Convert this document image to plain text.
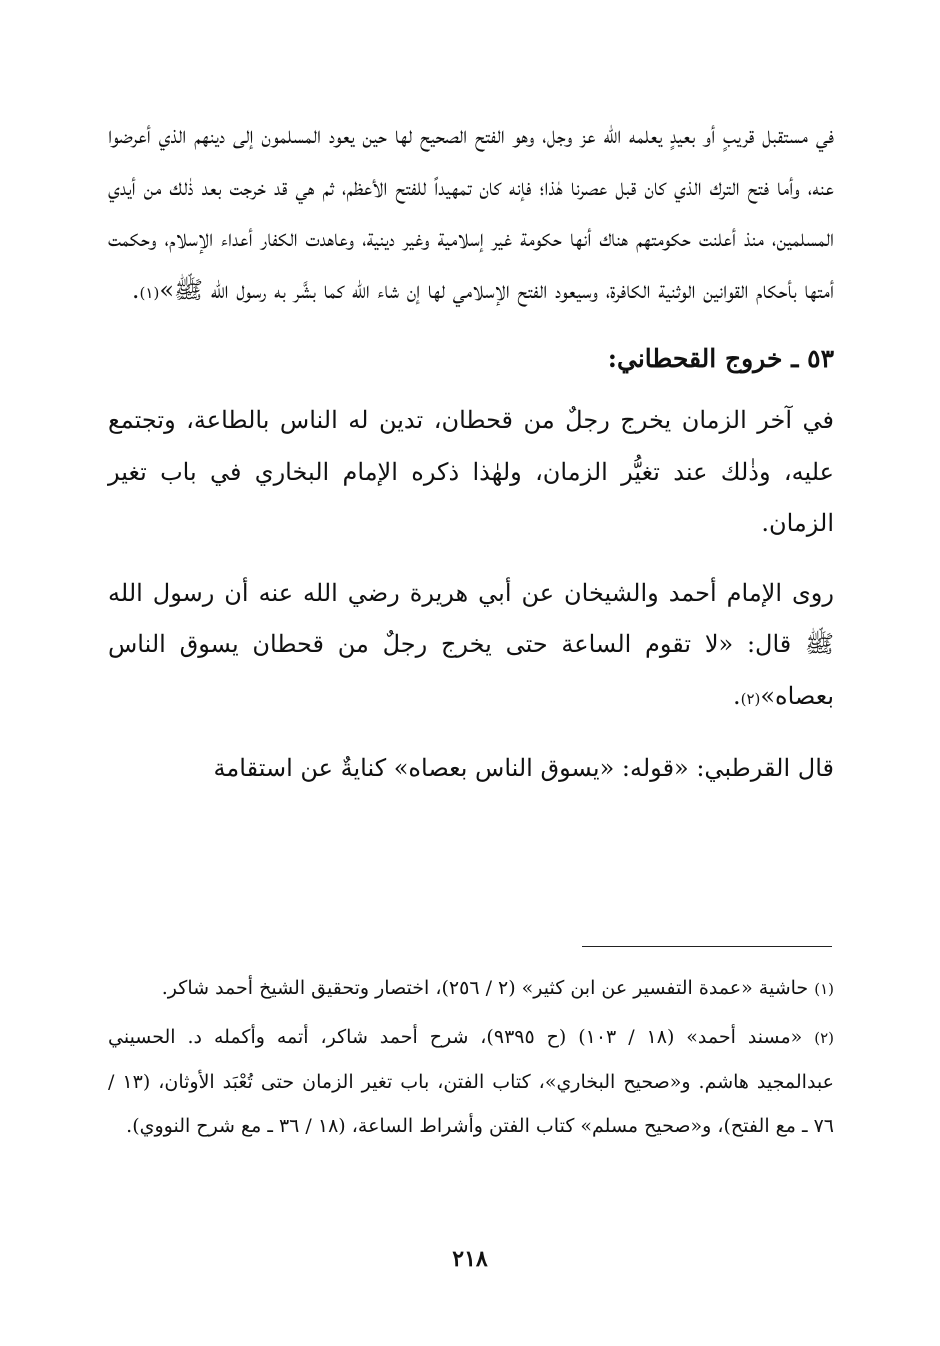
في مستقبل قريبٍ أو بعيدٍ يعلمه الله عز وجل، وهو الفتح الصحيح لها حين يعود المسلمون إلى دينهم الذي أعرضوا عنه، وأما فتح الترك الذي كان قبل عصرنا هٰذا؛ فإنه كان تمهيداً للفتح الأعظم، ثم هي قد خرجت بعد ذٰلك من أيدي المسلمين، منذ أعلنت حكومتهم هناك أنها حكومة غير إسلامية وغير دينية، وعاهدت الكفار أعداء الإسلام، وحكمت أمتها بأحكام القوانين الوثنية الكافرة، وسيعود الفتح الإسلامي لها إن شاء الله كما بشَّر به رسول الله ﷺ»(١).

٥٣ ـ خروج القحطاني:

في آخر الزمان يخرج رجلٌ من قحطان، تدين له الناس بالطاعة، وتجتمع عليه، وذٰلك عند تغيُّر الزمان، ولهٰذا ذكره الإمام البخاري في باب تغير الزمان.

روى الإمام أحمد والشيخان عن أبي هريرة رضي الله عنه أن رسول الله ﷺ قال: «لا تقوم الساعة حتى يخرج رجلٌ من قحطان يسوق الناس بعصاه»(٢).

قال القرطبي: «قوله: «يسوق الناس بعصاه» كنايةٌ عن استقامة

(١) حاشية «عمدة التفسير عن ابن كثير» (٢ / ٢٥٦)، اختصار وتحقيق الشيخ أحمد شاكر.

(٢) «مسند أحمد» (١٨ / ١٠٣) (ح ٩٣٩٥)، شرح أحمد شاكر، أتمه وأكمله د. الحسيني عبدالمجيد هاشم. و«صحيح البخاري»، كتاب الفتن، باب تغير الزمان حتى تُعْبَد الأوثان، (١٣ / ٧٦ ـ مع الفتح)، و«صحيح مسلم» كتاب الفتن وأشراط الساعة، (١٨ / ٣٦ ـ مع شرح النووي).

٢١٨
